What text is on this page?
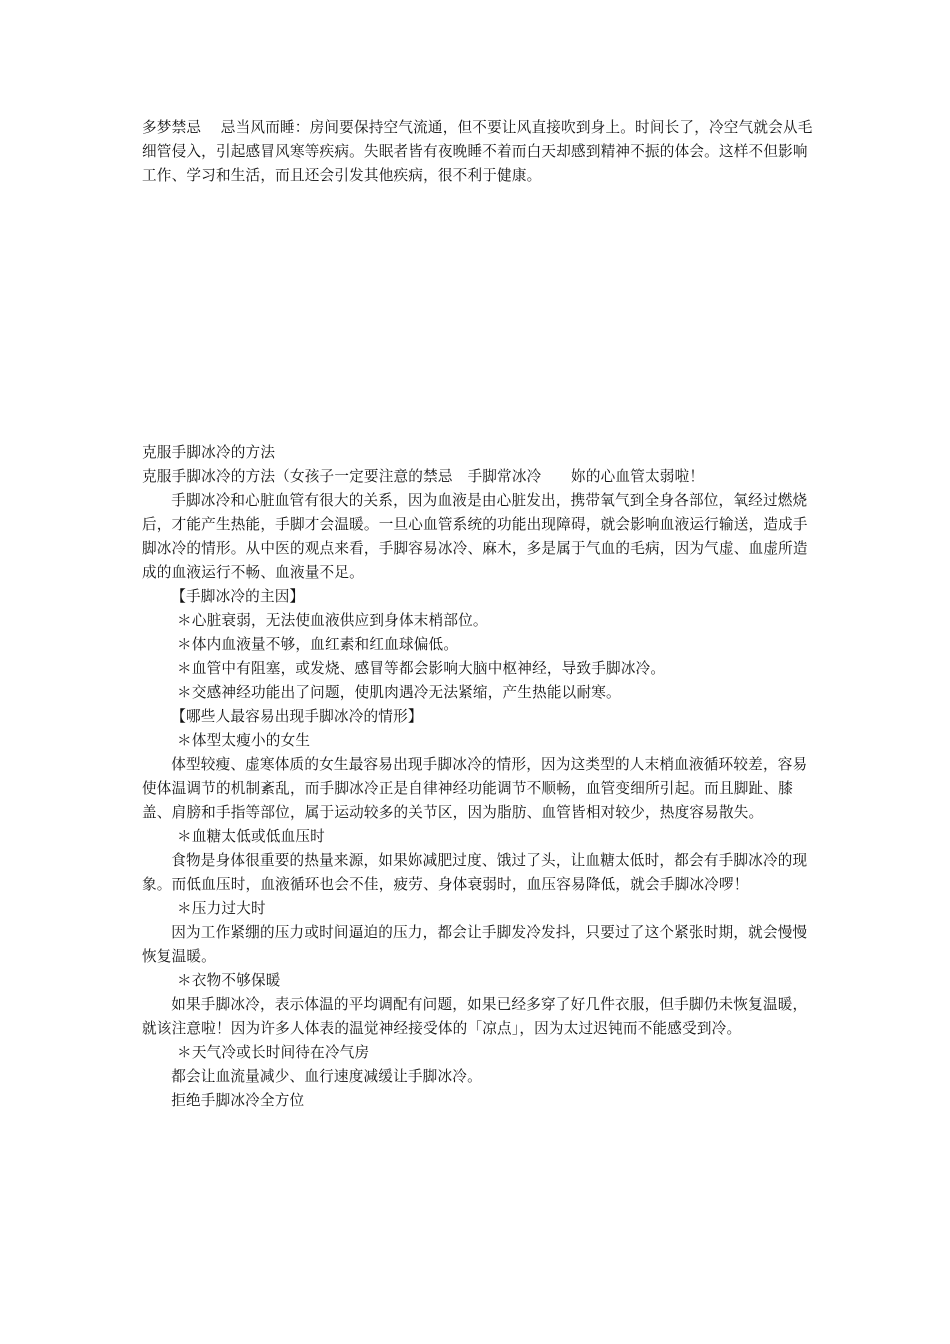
多梦禁忌　 忌当风而睡：房间要保持空气流通，但不要让风直接吹到身上。时间长了，冷空气就会从毛细管侵入，引起感冒风寒等疾病。失眠者皆有夜晚睡不着而白天却感到精神不振的体会。这样不但影响工作、学习和生活，而且还会引发其他疾病，很不利于健康。

克服手脚冰冷的方法

克服手脚冰冷的方法（女孩子一定要注意的禁忌　手脚常冰冷　　妳的心血管太弱啦！

手脚冰冷和心脏血管有很大的关系，因为血液是由心脏发出，携带氧气到全身各部位，氧经过燃烧后，才能产生热能，手脚才会温暖。一旦心血管系统的功能出现障碍，就会影响血液运行输送，造成手脚冰冷的情形。从中医的观点来看，手脚容易冰冷、麻木，多是属于气血的毛病，因为气虚、血虚所造成的血液运行不畅、血液量不足。

【手脚冰冷的主因】

＊心脏衰弱，无法使血液供应到身体末梢部位。

＊体内血液量不够，血红素和红血球偏低。

＊血管中有阻塞，或发烧、感冒等都会影响大脑中枢神经，导致手脚冰冷。

＊交感神经功能出了问题，使肌肉遇冷无法紧缩，产生热能以耐寒。

【哪些人最容易出现手脚冰冷的情形】

＊体型太瘦小的女生

体型较瘦、虚寒体质的女生最容易出现手脚冰冷的情形，因为这类型的人末梢血液循环较差，容易使体温调节的机制紊乱，而手脚冰冷正是自律神经功能调节不顺畅，血管变细所引起。而且脚趾、膝盖、肩膀和手指等部位，属于运动较多的关节区，因为脂肪、血管皆相对较少，热度容易散失。

＊血糖太低或低血压时

食物是身体很重要的热量来源，如果妳减肥过度、饿过了头，让血糖太低时，都会有手脚冰冷的现象。而低血压时，血液循环也会不佳，疲劳、身体衰弱时，血压容易降低，就会手脚冰冷啰！

＊压力过大时

因为工作紧绷的压力或时间逼迫的压力，都会让手脚发冷发抖，只要过了这个紧张时期，就会慢慢恢复温暖。

＊衣物不够保暖

如果手脚冰冷，表示体温的平均调配有问题，如果已经多穿了好几件衣服，但手脚仍未恢复温暖，就该注意啦！因为许多人体表的温觉神经接受体的「凉点」，因为太过迟钝而不能感受到冷。

＊天气冷或长时间待在冷气房

都会让血流量减少、血行速度减缓让手脚冰冷。

拒绝手脚冰冷全方位
